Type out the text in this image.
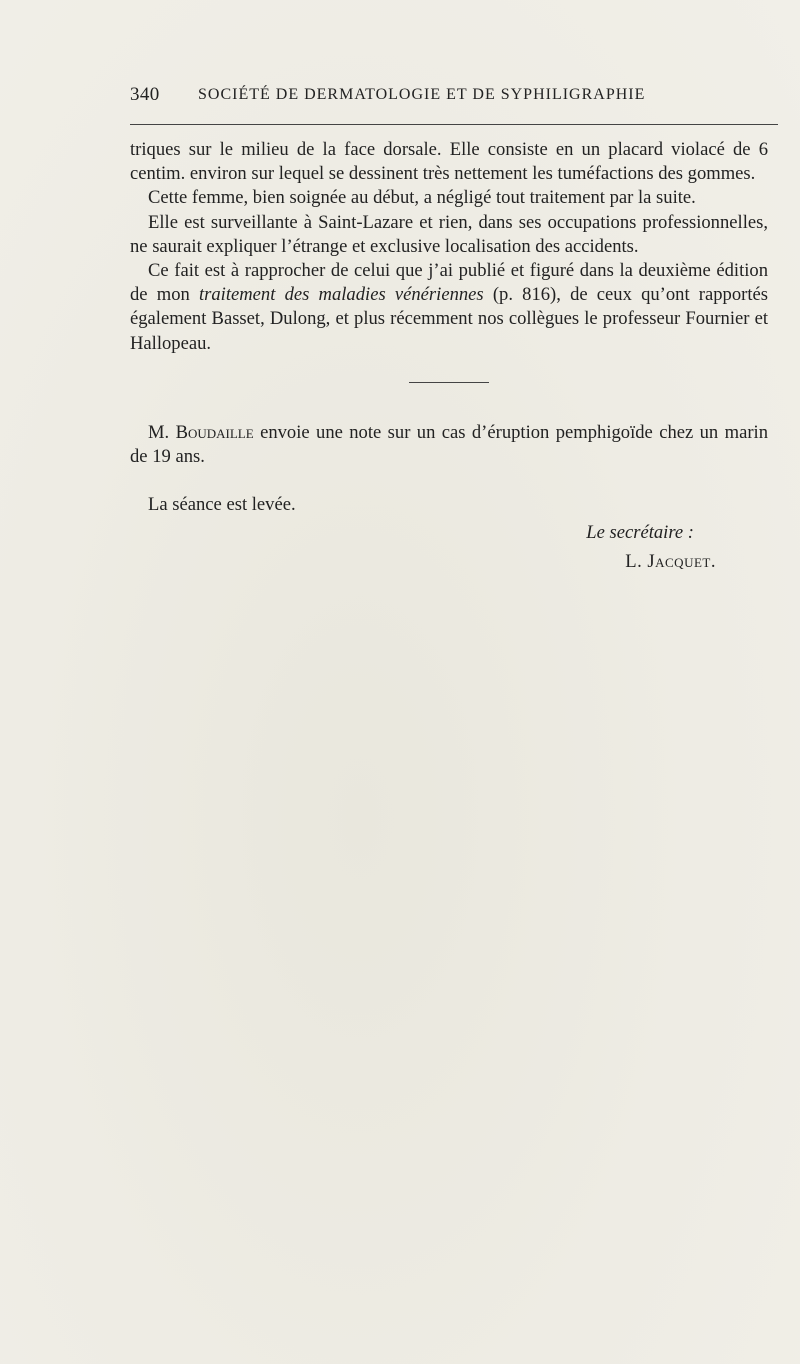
340 SOCIÉTÉ DE DERMATOLOGIE ET DE SYPHILIGRAPHIE

triques sur le milieu de la face dorsale. Elle consiste en un placard violacé de 6 centim. environ sur lequel se dessinent très nettement les tuméfactions des gommes.

Cette femme, bien soignée au début, a négligé tout traitement par la suite.

Elle est surveillante à Saint-Lazare et rien, dans ses occupations professionnelles, ne saurait expliquer l’étrange et exclusive localisation des accidents.

Ce fait est à rapprocher de celui que j’ai publié et figuré dans la deuxième édition de mon traitement des maladies vénériennes (p. 816), de ceux qu’ont rapportés également Basset, Dulong, et plus récemment nos collègues le professeur Fournier et Hallopeau.

M. Boudaille envoie une note sur un cas d’éruption pemphigoïde chez un marin de 19 ans.

La séance est levée.

Le secrétaire :

L. Jacquet.
